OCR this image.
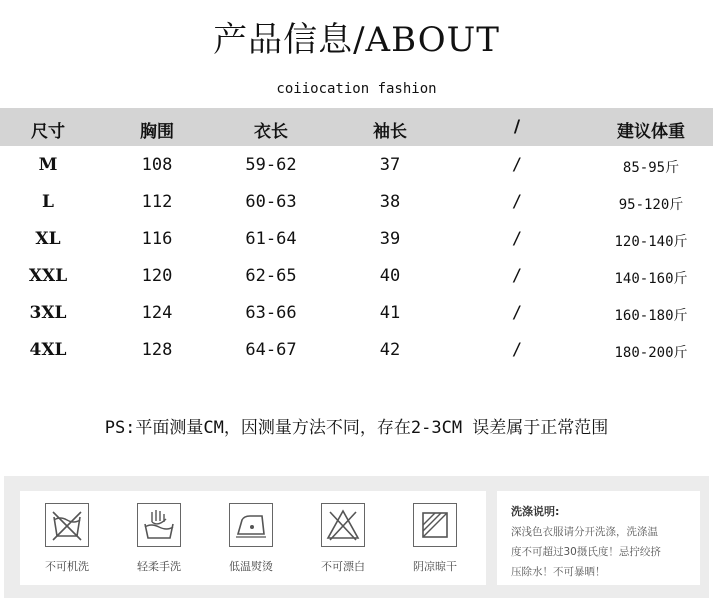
产品信息/ABOUT
coiiocation fashion
尺寸	胸围	衣长	袖长	/	建议体重
M	108	59-62	37	/	85-95斤
L	112	60-63	38	/	95-120斤
XL	116	61-64	39	/	120-140斤
XXL	120	62-65	40	/	140-160斤
3XL	124	63-66	41	/	160-180斤
4XL	128	64-67	42	/	180-200斤
PS:平面测量CM，因测量方法不同，存在2-3CM 误差属于正常范围
不可机洗	轻柔手洗	低温熨烫	不可漂白	阴凉晾干
洗涤说明:
深浅色衣服请分开洗涤，洗涤温
度不可超过30摄氏度！忌拧绞挤
压除水！不可暴晒！
